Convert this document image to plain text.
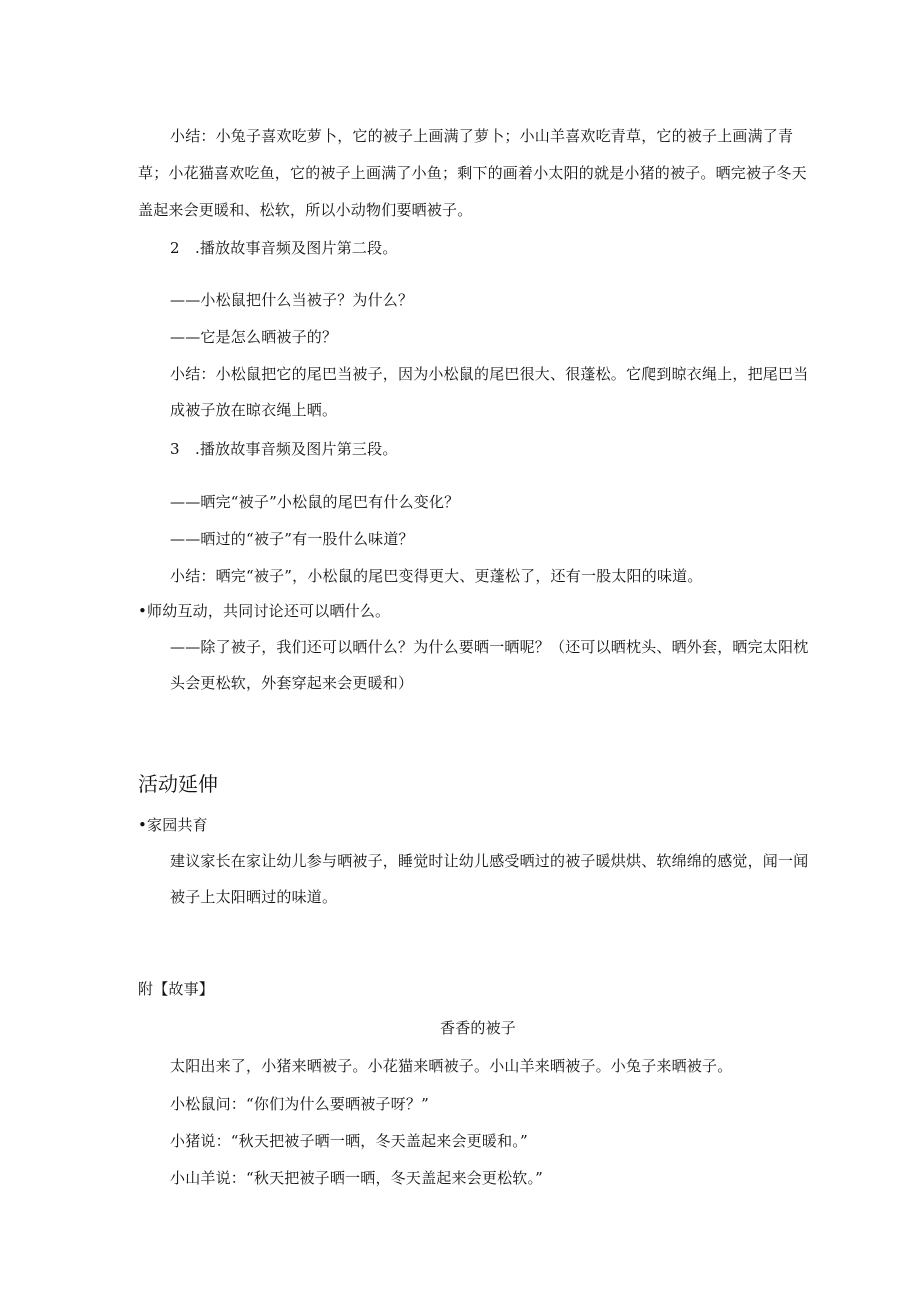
小结：小兔子喜欢吃萝卜，它的被子上画满了萝卜；小山羊喜欢吃青草，它的被子上画满了青
草；小花猫喜欢吃鱼，它的被子上画满了小鱼；剩下的画着小太阳的就是小猪的被子。晒完被子冬天
盖起来会更暖和、松软，所以小动物们要晒被子。
2　.播放故事音频及图片第二段。
——小松鼠把什么当被子？为什么？
——它是怎么晒被子的？
小结：小松鼠把它的尾巴当被子，因为小松鼠的尾巴很大、很蓬松。它爬到晾衣绳上，把尾巴当
成被子放在晾衣绳上晒。
3　.播放故事音频及图片第三段。
——晒完“被子”小松鼠的尾巴有什么变化？
——晒过的“被子”有一股什么味道？
小结：晒完“被子”，小松鼠的尾巴变得更大、更蓬松了，还有一股太阳的味道。
•师幼互动，共同讨论还可以晒什么。
——除了被子，我们还可以晒什么？为什么要晒一晒呢？（还可以晒枕头、晒外套，晒完太阳枕
头会更松软，外套穿起来会更暖和）
活动延伸
•家园共育
建议家长在家让幼儿参与晒被子，睡觉时让幼儿感受晒过的被子暖烘烘、软绵绵的感觉，闻一闻
被子上太阳晒过的味道。
附【故事】
香香的被子
太阳出来了，小猪来晒被子。小花猫来晒被子。小山羊来晒被子。小兔子来晒被子。
小松鼠问：“你们为什么要晒被子呀？”
小猪说：“秋天把被子晒一晒，冬天盖起来会更暖和。”
小山羊说：“秋天把被子晒一晒，冬天盖起来会更松软。”
